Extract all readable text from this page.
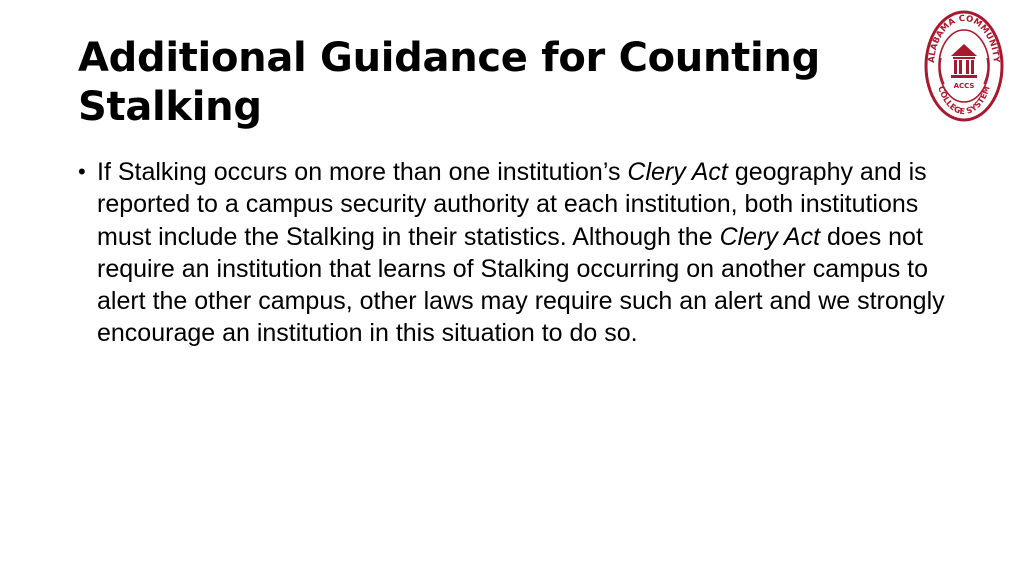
Additional Guidance for Counting Stalking
ALABAMA COMMUNITY
COLLEGE SYSTEM
ACCS
• If Stalking occurs on more than one institution’s Clery Act geography and is reported to a campus security authority at each institution, both institutions must include the Stalking in their statistics. Although the Clery Act does not require an institution that learns of Stalking occurring on another campus to alert the other campus, other laws may require such an alert and we strongly encourage an institution in this situation to do so.
